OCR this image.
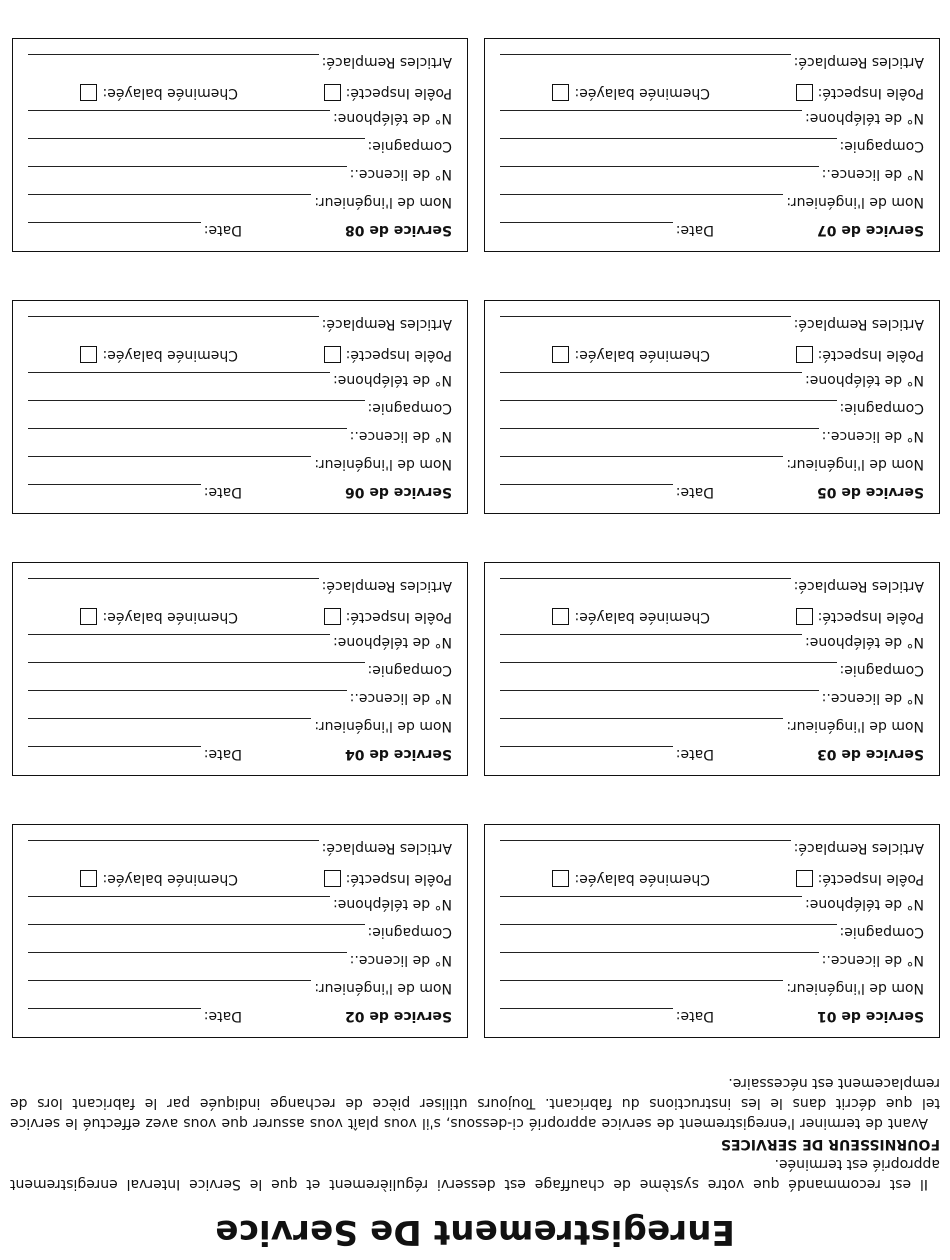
Enregistrement De Service

Il est recommandé que votre système de chauffage est desservi régulièrement et que le Service Interval enregistrement approprié est terminée.

FOURNISSEUR DE SERVICES

Avant de terminer l'enregistrement de service approprié ci-dessous, s'il vous plaît vous assurer que vous avez effectué le service tel que décrit dans le les instructions du fabricant. Toujours utiliser pièce de rechange indiquée par le fabricant lors de remplacement est nécessaire.

Service de 01
Date:
Nom de l'ingénieur:
N° de licence.:
Compagnie:
N° de téléphone:
Poêle Inspecté:
Cheminée balayée:
Articles Remplacé:
Service de 02
Date:
Nom de l'ingénieur:
N° de licence.:
Compagnie:
N° de téléphone:
Poêle Inspecté:
Cheminée balayée:
Articles Remplacé:
Service de 03
Date:
Nom de l'ingénieur:
N° de licence.:
Compagnie:
N° de téléphone:
Poêle Inspecté:
Cheminée balayée:
Articles Remplacé:
Service de 04
Date:
Nom de l'ingénieur:
N° de licence.:
Compagnie:
N° de téléphone:
Poêle Inspecté:
Cheminée balayée:
Articles Remplacé:
Service de 05
Date:
Nom de l'ingénieur:
N° de licence.:
Compagnie:
N° de téléphone:
Poêle Inspecté:
Cheminée balayée:
Articles Remplacé:
Service de 06
Date:
Nom de l'ingénieur:
N° de licence.:
Compagnie:
N° de téléphone:
Poêle Inspecté:
Cheminée balayée:
Articles Remplacé:
Service de 07
Date:
Nom de l'ingénieur:
N° de licence.:
Compagnie:
N° de téléphone:
Poêle Inspecté:
Cheminée balayée:
Articles Remplacé:
Service de 08
Date:
Nom de l'ingénieur:
N° de licence.:
Compagnie:
N° de téléphone:
Poêle Inspecté:
Cheminée balayée:
Articles Remplacé:
